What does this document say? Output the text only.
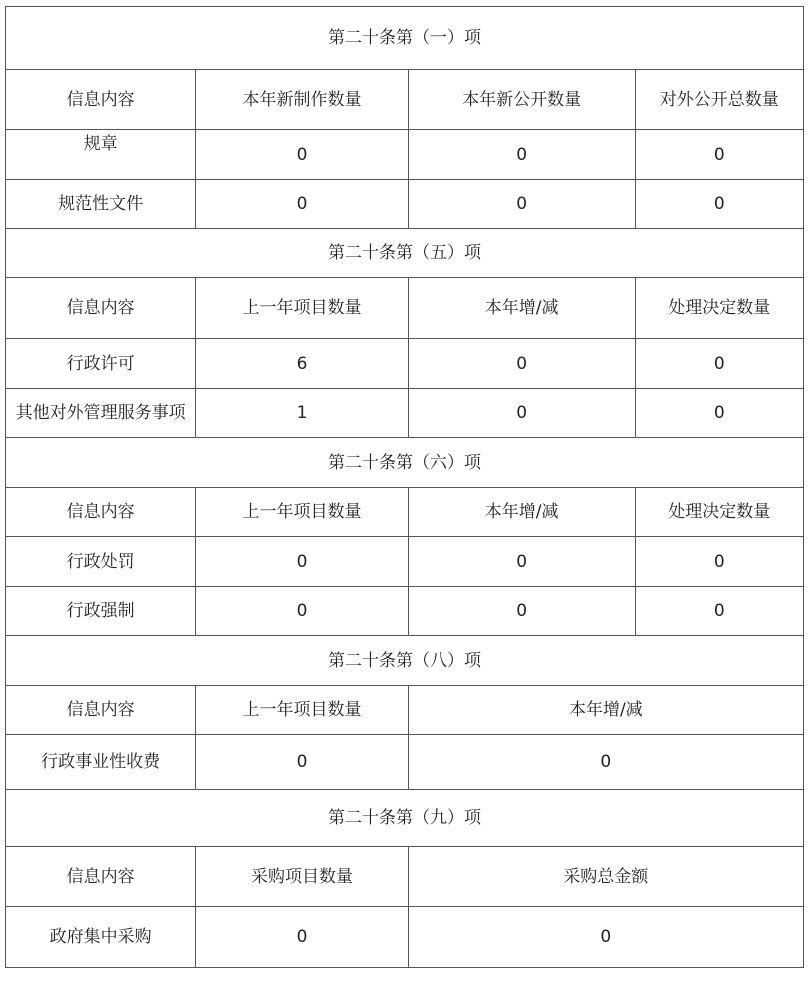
第二十条第（一）项			
信息内容	本年新制作数量	本年新公开数量	对外公开总数量
规章	0	0	0
规范性文件	0	0	0
第二十条第（五）项			
信息内容	上一年项目数量	本年增/减	处理决定数量
行政许可	6	0	0
其他对外管理服务事项	1	0	0
第二十条第（六）项			
信息内容	上一年项目数量	本年增/减	处理决定数量
行政处罚	0	0	0
行政强制	0	0	0
第二十条第（八）项			
信息内容	上一年项目数量	本年增/减	
行政事业性收费	0	0	
第二十条第（九）项			
信息内容	采购项目数量	采购总金额	
政府集中采购	0	0	
